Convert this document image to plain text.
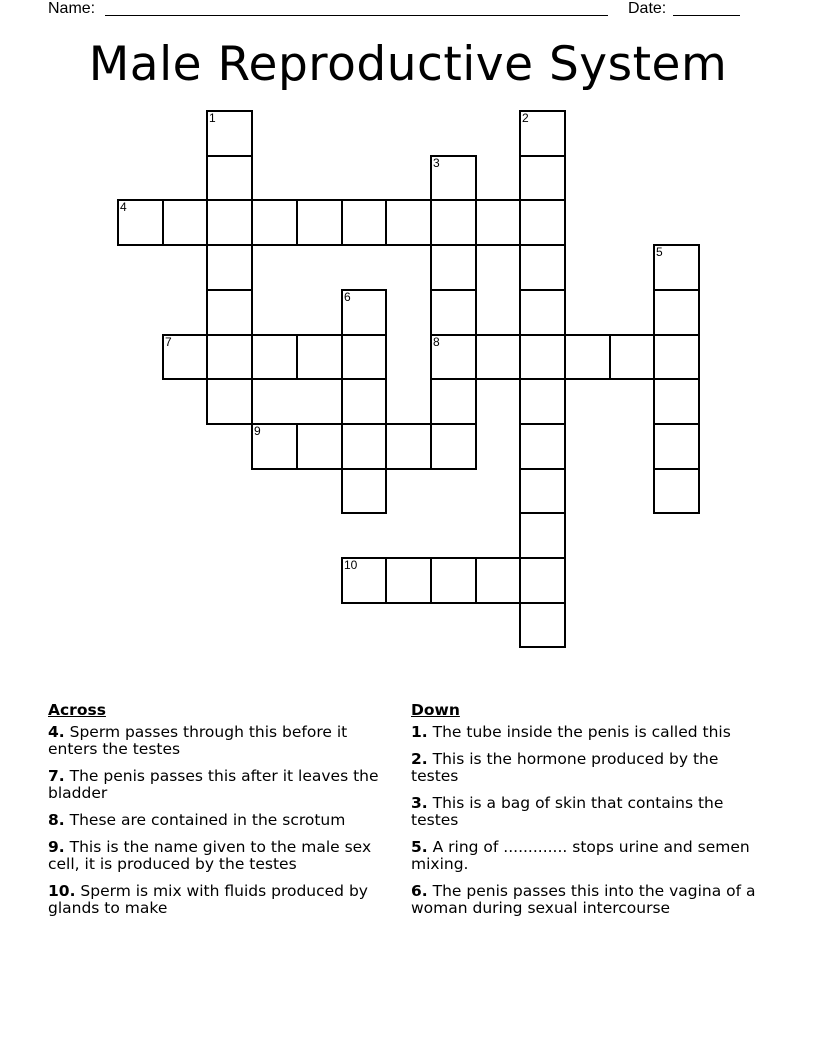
Name:	Date:
Male Reproductive System
1	2
3
8
4
5
6
7
9
10
Across
4. Sperm passes through this before it enters the testes
7. The penis passes this after it leaves the bladder
8. These are contained in the scrotum
9. This is the name given to the male sex cell, it is produced by the testes
10. Sperm is mix with fluids produced by glands to make
Down
1. The tube inside the penis is called this
2. This is the hormone produced by the testes
3. This is a bag of skin that contains the testes
5. A ring of ............. stops urine and semen mixing.
6. The penis passes this into the vagina of a woman during sexual intercourse
